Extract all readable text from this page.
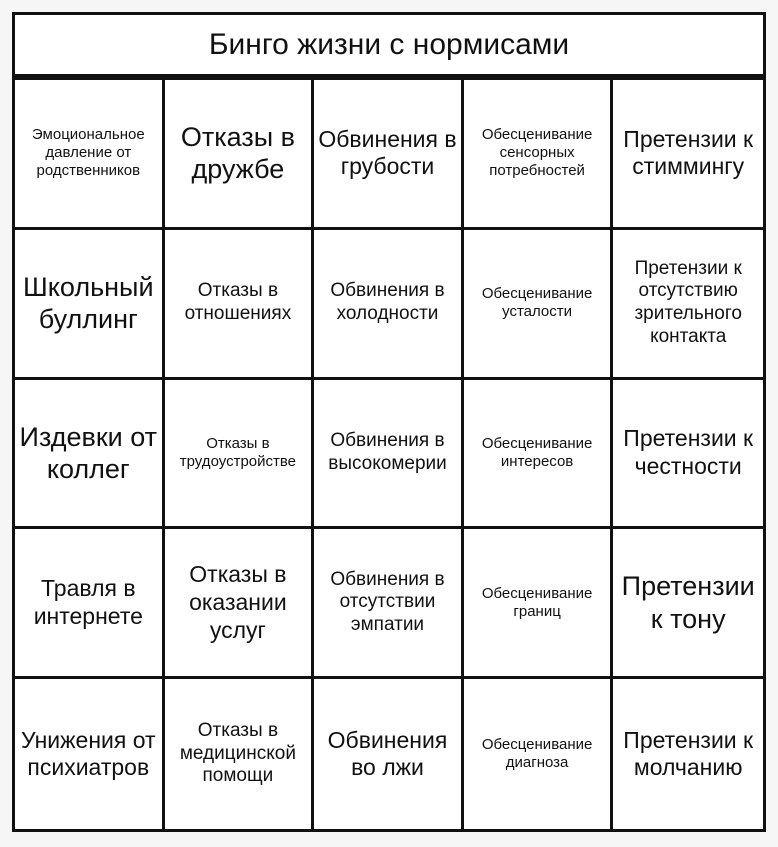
Бинго жизни с нормисами
Эмоциональное давление от родственников
Отказы в дружбе
Обвинения в грубости
Обесценивание сенсорных потребностей
Претензии к стиммингу
Школьный буллинг
Отказы в отношениях
Обвинения в холодности
Обесценивание усталости
Претензии к отсутствию зрительного контакта
Издевки от коллег
Отказы в трудоустройстве
Обвинения в высокомерии
Обесценивание интересов
Претензии к честности
Травля в интернете
Отказы в оказании услуг
Обвинения в отсутствии эмпатии
Обесценивание границ
Претензии к тону
Унижения от психиатров
Отказы в медицинской помощи
Обвинения во лжи
Обесценивание диагноза
Претензии к молчанию
